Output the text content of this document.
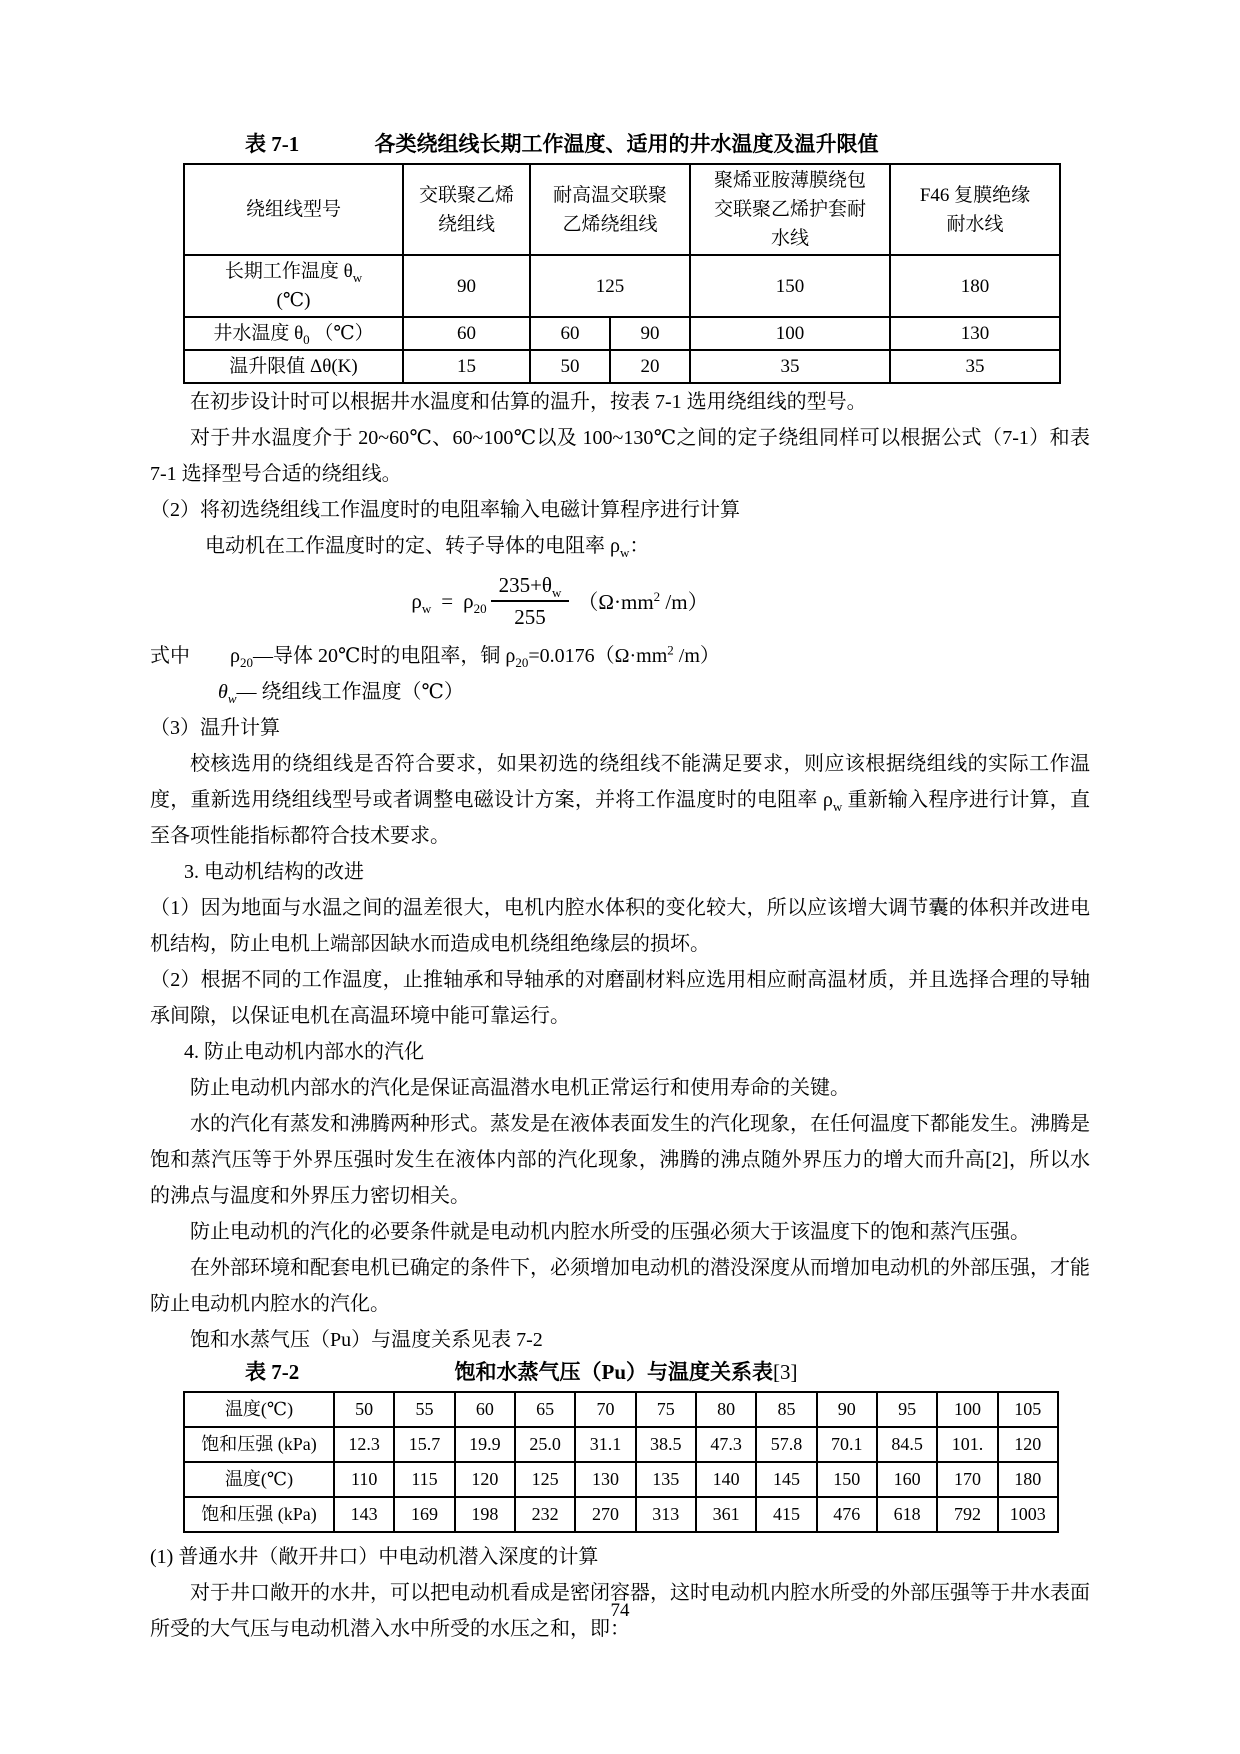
表 7-1	各类绕组线长期工作温度、适用的井水温度及温升限值
绕组线型号	交联聚乙烯绕组线	耐高温交联聚乙烯绕组线		聚烯亚胺薄膜绕包交联聚乙烯护套耐水线	F46 复膜绝缘耐水线
长期工作温度 $\theta_w$
(℃)	90	125		150	180
井水温度 $\theta_0$ （℃）	60	60	90	100	130
温升限值 Δθ(K)	15	50	20	35	35

在初步设计时可以根据井水温度和估算的温升，按表 7-1 选用绕组线的型号。

对于井水温度介于 20~60℃、60~100℃以及 100~130℃之间的定子绕组同样可以根据公式（7-1）和表 7-1 选择型号合适的绕组线。

（2）将初选绕组线工作温度时的电阻率输入电磁计算程序进行计算

电动机在工作温度时的定、转子导体的电阻率 $\rho_w$：

$\rho_w = \rho_{20} \frac{235+\theta_w}{255} (\Omega\cdot mm^2$ /m）

式中 $\rho_{20}—$导体 20℃时的电阻率，铜 $\rho_{20}=0.0176(\Omega\cdot mm^2$ /m）

$\theta_w—$ 绕组线工作温度（℃）

（3）温升计算

校核选用的绕组线是否符合要求，如果初选的绕组线不能满足要求，则应该根据绕组线的实际工作温度，重新选用绕组线型号或者调整电磁设计方案，并将工作温度时的电阻率 $\rho_w$ 重新输入程序进行计算，直至各项性能指标都符合技术要求。

3. 电动机结构的改进

（1）因为地面与水温之间的温差很大，电机内腔水体积的变化较大，所以应该增大调节囊的体积并改进电机结构，防止电机上端部因缺水而造成电机绕组绝缘层的损坏。

（2）根据不同的工作温度，止推轴承和导轴承的对磨副材料应选用相应耐高温材质，并且选择合理的导轴承间隙，以保证电机在高温环境中能可靠运行。

4. 防止电动机内部水的汽化

防止电动机内部水的汽化是保证高温潜水电机正常运行和使用寿命的关键。

水的汽化有蒸发和沸腾两种形式。蒸发是在液体表面发生的汽化现象，在任何温度下都能发生。沸腾是饱和蒸汽压等于外界压强时发生在液体内部的汽化现象，沸腾的沸点随外界压力的增大而升高[2]，所以水的沸点与温度和外界压力密切相关。

防止电动机的汽化的必要条件就是电动机内腔水所受的压强必须大于该温度下的饱和蒸汽压强。

在外部环境和配套电机已确定的条件下，必须增加电动机的潜没深度从而增加电动机的外部压强，才能防止电动机内腔水的汽化。

饱和水蒸气压（Pu）与温度关系见表 7-2

表 7-2	饱和水蒸气压（Pu）与温度关系表[3]
温度(℃)	50	55	60	65	70	75	80	85	90	95	100	105
饱和压强 (kPa)	12.3	15.7	19.9	25.0	31.1	38.5	47.3	57.8	70.1	84.5	101.	120
温度(℃)	110	115	120	125	130	135	140	145	150	160	170	180
饱和压强 (kPa)	143	169	198	232	270	313	361	415	476	618	792	1003

(1) 普通水井（敞开井口）中电动机潜入深度的计算

对于井口敞开的水井，可以把电动机看成是密闭容器，这时电动机内腔水所受的外部压强等于井水表面所受的大气压与电动机潜入水中所受的水压之和，即：

74
